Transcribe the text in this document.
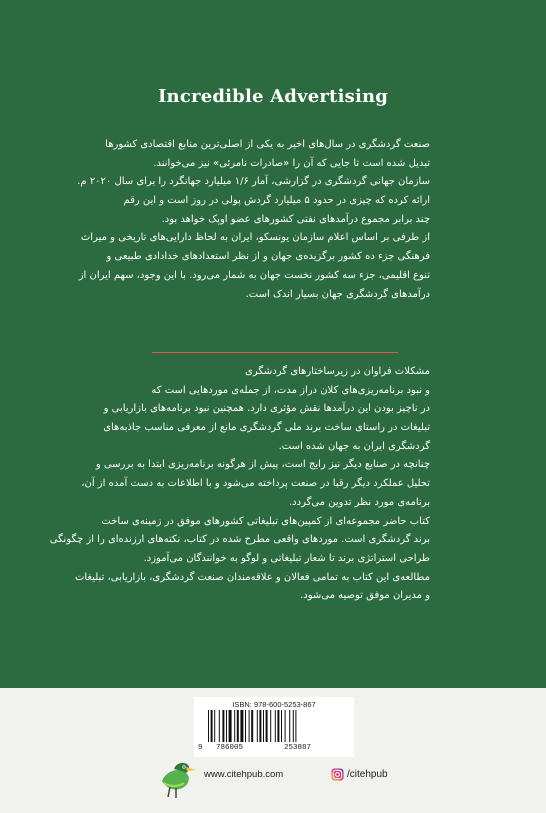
Incredible Advertising
صنعت گردشگری در سال‌های اخیر به یکی از اصلی‌ترین منابع اقتصادی کشورها
تبدیل شده است تا جایی که آن را «صادرات نامرئی» نیز می‌خوانند.
سازمان جهانی گردشگری در گزارشی، آمار ۱/۶ میلیارد جهانگرد را برای سال ۲۰۲۰ م.
ارائه کرده که چیزی در حدود ۵ میلیارد گردش پولی در روز است و این رقم
چند برابر مجموع درآمدهای نفتی کشورهای عضو اوپک خواهد بود.
از طرفی بر اساس اعلام سازمان یونسکو، ایران به لحاظ دارایی‌های تاریخی و میراث
فرهنگی جزء ده کشور برگزیده‌ی جهان و از نظر استعدادهای خدادادی طبیعی و
تنوع اقلیمی، جزء سه کشور نخست جهان به شمار می‌رود. با این وجود، سهم ایران از
درآمدهای گردشگری جهان بسیار اندک است.
مشکلات فراوان در زیرساختارهای گردشگری
و نبود برنامه‌ریزی‌های کلان دراز مدت، از جمله‌ی موردهایی است که
در ناچیز بودن این درآمدها نقش مؤثری دارد. همچنین نبود برنامه‌های بازاریابی و
تبلیغات در راستای ساخت برند ملی گردشگری مانع از معرفی مناسب جاذبه‌های
گردشگری ایران به جهان شده است.
چنانچه در صنایع دیگر نیز رایج است، پیش از هرگونه برنامه‌ریزی ابتدا به بررسی و
تحلیل عملکرد دیگر رقبا در صنعت پرداخته می‌شود و با اطلاعات به دست آمده از آن،
برنامه‌ی مورد نظر تدوین می‌گردد.
کتاب حاضر مجموعه‌ای از کمپین‌های تبلیغاتی کشورهای موفق در زمینه‌ی ساخت
برند گردشگری است. موردهای واقعی مطرح شده در کتاب، نکته‌های ارزنده‌ای را از چگونگی
طراحی استراتژی برند تا شعار تبلیغاتی و لوگو به خوانندگان می‌آموزد.
مطالعه‌ی این کتاب به تمامی فعالان و علاقه‌مندان صنعت گردشگری، بازاریابی، تبلیغات
و مدیران موفق توصیه می‌شود.
ISBN: 978-600-5253-867
9 786005	253887
www.citehpub.com	/citehpub
